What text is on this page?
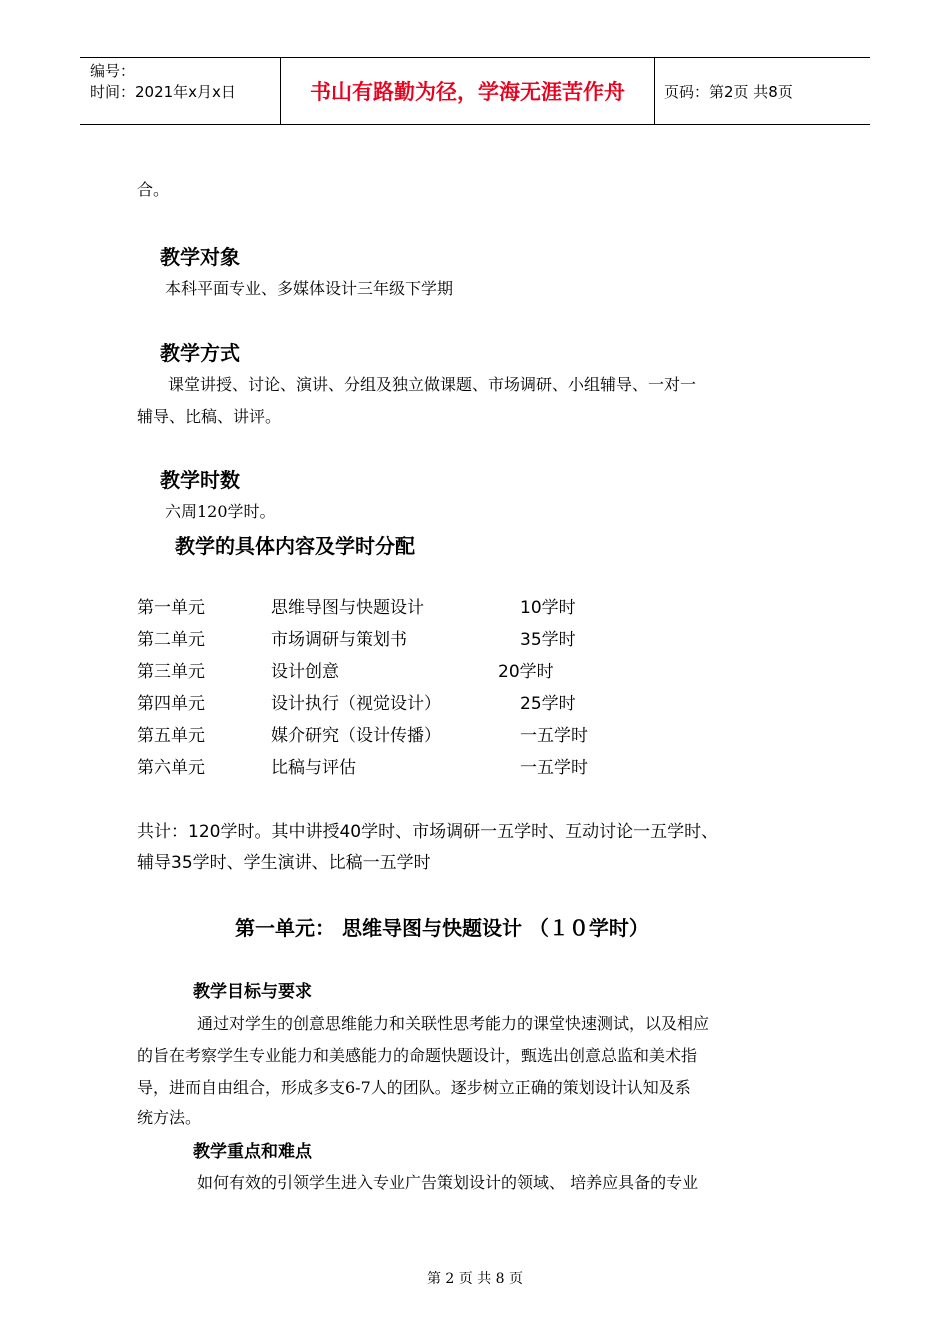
编号：
时间：2021年x月x日	书山有路勤为径，学海无涯苦作舟	页码：第2页 共8页
合。
教学对象
本科平面专业、多媒体设计三年级下学期
教学方式
课堂讲授、讨论、演讲、分组及独立做课题、市场调研、小组辅导、一对一
辅导、比稿、讲评。
教学时数
六周120学时。
教学的具体内容及学时分配
第一单元	思维导图与快题设计	10学时
第二单元	市场调研与策划书	35学时
第三单元	设计创意	20学时
第四单元	设计执行（视觉设计）	25学时
第五单元	媒介研究（设计传播）	一五学时
第六单元	比稿与评估	一五学时
共计：120学时。其中讲授40学时、市场调研一五学时、互动讨论一五学时、
辅导35学时、学生演讲、比稿一五学时
第一单元： 思维导图与快题设计 （１０学时）
教学目标与要求
通过对学生的创意思维能力和关联性思考能力的课堂快速测试，以及相应
的旨在考察学生专业能力和美感能力的命题快题设计，甄选出创意总监和美术指
导，进而自由组合，形成多支6-7人的团队。逐步树立正确的策划设计认知及系
统方法。
教学重点和难点
如何有效的引领学生进入专业广告策划设计的领域、 培养应具备的专业
第 2 页 共 8 页
